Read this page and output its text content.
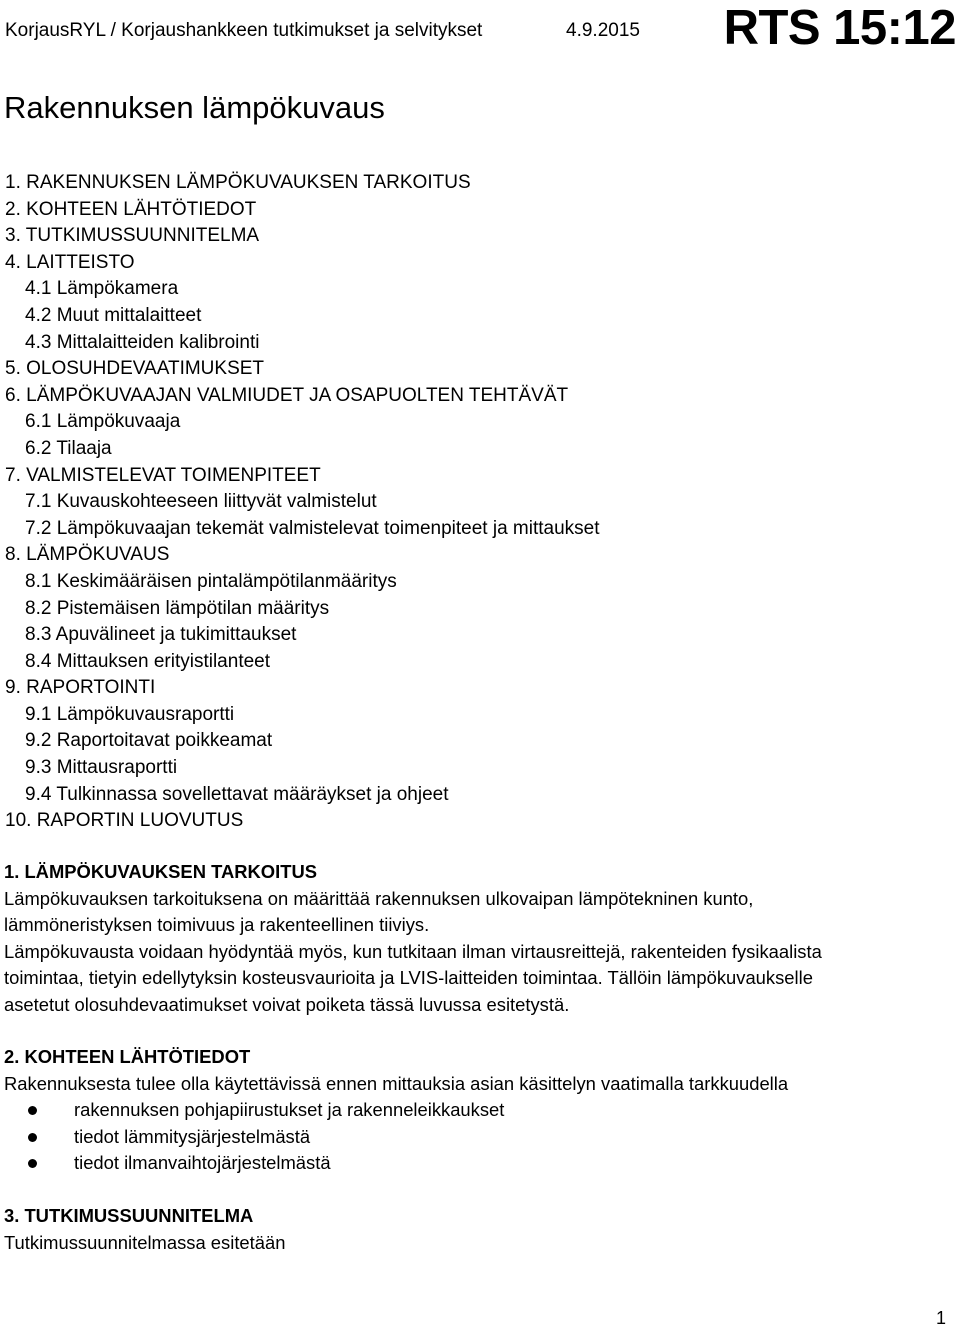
KorjausRYL / Korjaushankkeen tutkimukset ja selvitykset	4.9.2015 RTS 15:12
Rakennuksen lämpökuvaus
1. RAKENNUKSEN LÄMPÖKUVAUKSEN TARKOITUS
2. KOHTEEN LÄHTÖTIEDOT
3. TUTKIMUSSUUNNITELMA
4. LAITTEISTO
4.1 Lämpökamera
4.2 Muut mittalaitteet
4.3 Mittalaitteiden kalibrointi
5. OLOSUHDEVAATIMUKSET
6. LÄMPÖKUVAAJAN VALMIUDET JA OSAPUOLTEN TEHTÄVÄT
6.1 Lämpökuvaaja
6.2 Tilaaja
7. VALMISTELEVAT TOIMENPITEET
7.1 Kuvauskohteeseen liittyvät valmistelut
7.2 Lämpökuvaajan tekemät valmistelevat toimenpiteet ja mittaukset
8. LÄMPÖKUVAUS
8.1 Keskimääräisen pintalämpötilanmääritys
8.2 Pistemäisen lämpötilan määritys
8.3 Apuvälineet ja tukimittaukset
8.4 Mittauksen erityistilanteet
9. RAPORTOINTI
9.1 Lämpökuvausraportti
9.2 Raportoitavat poikkeamat
9.3 Mittausraportti
9.4 Tulkinnassa sovellettavat määräykset ja ohjeet
10. RAPORTIN LUOVUTUS
1. LÄMPÖKUVAUKSEN TARKOITUS

Lämpökuvauksen tarkoituksena on määrittää rakennuksen ulkovaipan lämpötekninen kunto,

lämmöneristyksen toimivuus ja rakenteellinen tiiviys.

Lämpökuvausta voidaan hyödyntää myös, kun tutkitaan ilman virtausreittejä, rakenteiden fysikaalista

toimintaa, tietyin edellytyksin kosteusvaurioita ja LVIS-laitteiden toimintaa. Tällöin lämpökuvaukselle

asetetut olosuhdevaatimukset voivat poiketa tässä luvussa esitetystä.

2. KOHTEEN LÄHTÖTIEDOT

Rakennuksesta tulee olla käytettävissä ennen mittauksia asian käsittelyn vaatimalla tarkkuudella

rakennuksen pohjapiirustukset ja rakenneleikkaukset
tiedot lämmitysjärjestelmästä
tiedot ilmanvaihtojärjestelmästä
3. TUTKIMUSSUUNNITELMA

Tutkimussuunnitelmassa esitetään

1
